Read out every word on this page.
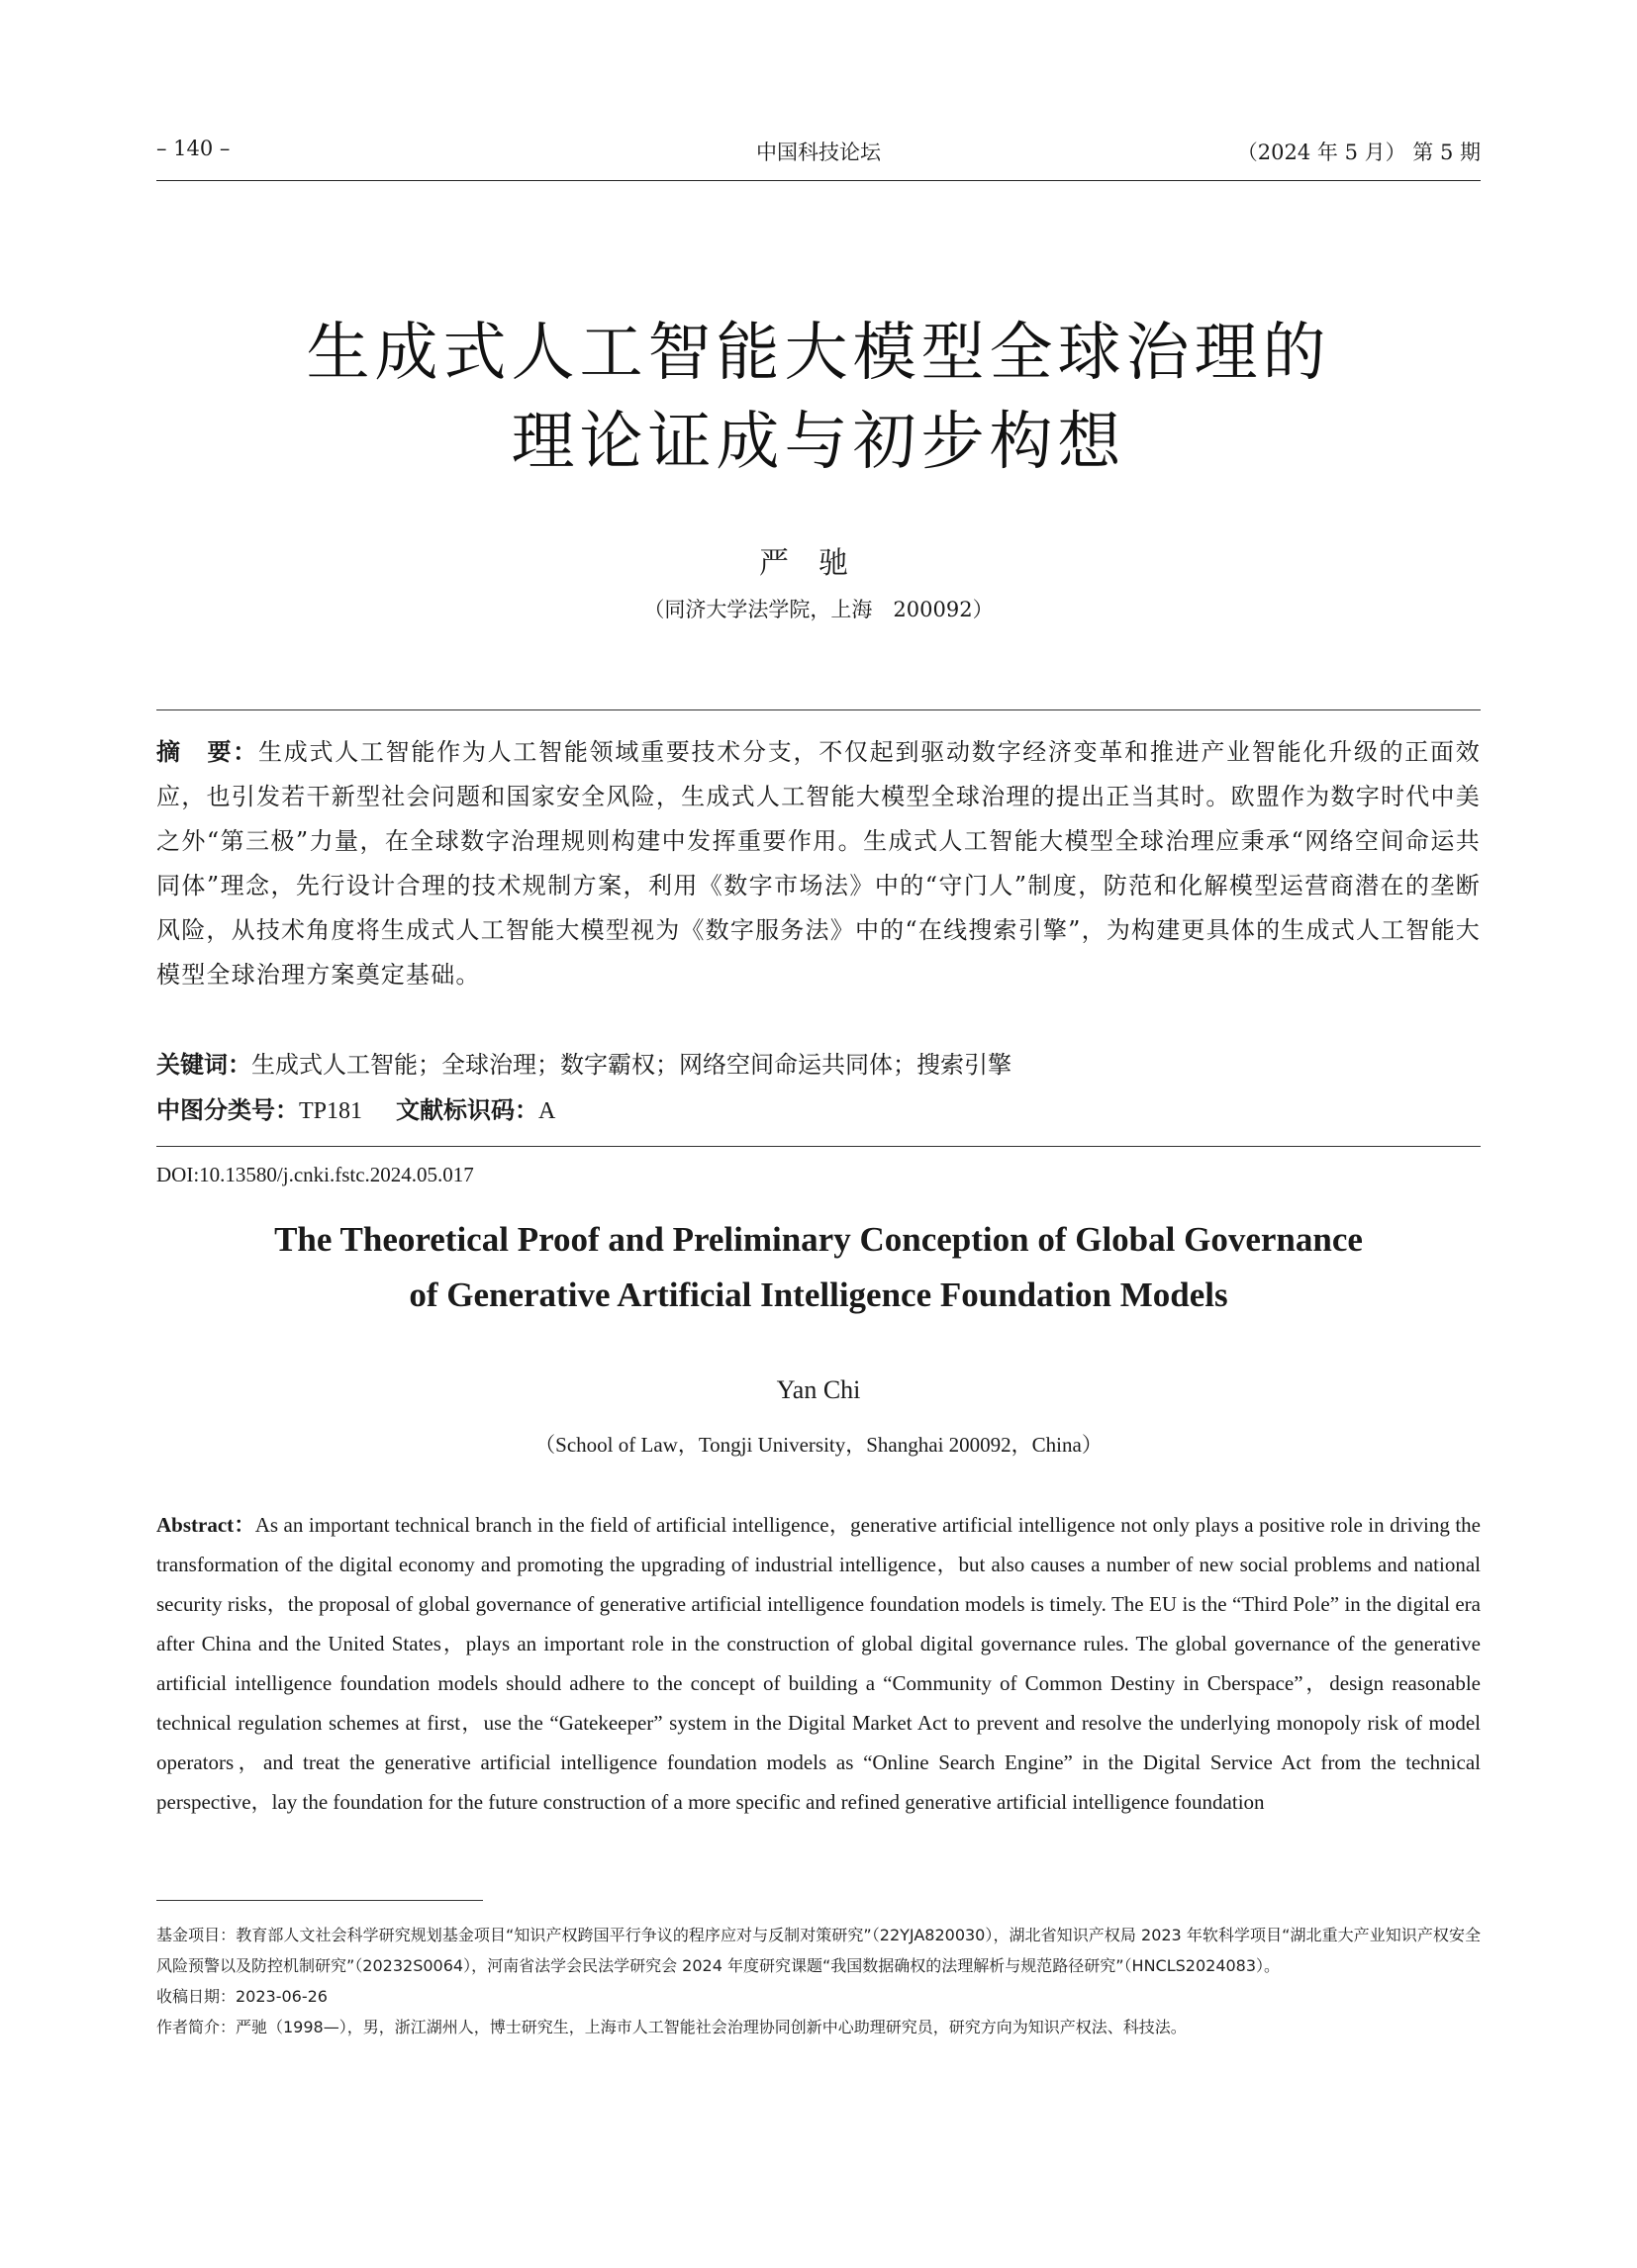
– 140 –	中国科技论坛	（2024 年 5 月） 第 5 期
生成式人工智能大模型全球治理的
理论证成与初步构想
严驰
（同济大学法学院，上海　200092）
摘　要：生成式人工智能作为人工智能领域重要技术分支，不仅起到驱动数字经济变革和推进产业智能化升级的正面效应，也引发若干新型社会问题和国家安全风险，生成式人工智能大模型全球治理的提出正当其时。欧盟作为数字时代中美之外“第三极”力量，在全球数字治理规则构建中发挥重要作用。生成式人工智能大模型全球治理应秉承“网络空间命运共同体”理念，先行设计合理的技术规制方案，利用《数字市场法》中的“守门人”制度，防范和化解模型运营商潜在的垄断风险，从技术角度将生成式人工智能大模型视为《数字服务法》中的“在线搜索引擎”，为构建更具体的生成式人工智能大模型全球治理方案奠定基础。
关键词：生成式人工智能；全球治理；数字霸权；网络空间命运共同体；搜索引擎
中图分类号：TP181 文献标识码：A
DOI:10.13580/j.cnki.fstc.2024.05.017
The Theoretical Proof and Preliminary Conception of Global Governance
of Generative Artificial Intelligence Foundation Models
Yan Chi
（School of Law，Tongji University，Shanghai 200092，China）
Abstract：As an important technical branch in the field of artificial intelligence，generative artificial intelligence not only plays a positive role in driving the transformation of the digital economy and promoting the upgrading of industrial intelligence，but also causes a number of new social problems and national security risks，the proposal of global governance of generative artificial intelligence foundation models is timely. The EU is the “Third Pole” in the digital era after China and the United States，plays an important role in the construction of global digital governance rules. The global governance of the generative artificial intelligence foundation models should adhere to the concept of building a “Community of Common Destiny in Cberspace”，design reasonable technical regulation schemes at first，use the “Gatekeeper” system in the Digital Market Act to prevent and resolve the underlying monopoly risk of model operators，and treat the generative artificial intelligence foundation models as “Online Search Engine” in the Digital Service Act from the technical perspective，lay the foundation for the future construction of a more specific and refined generative artificial intelligence foundation

基金项目：教育部人文社会科学研究规划基金项目“知识产权跨国平行争议的程序应对与反制对策研究”（22YJA820030），湖北省知识产权局 2023 年软科学项目“湖北重大产业知识产权安全风险预警以及防控机制研究”（20232S0064），河南省法学会民法学研究会 2024 年度研究课题“我国数据确权的法理解析与规范路径研究”（HNCLS2024083）。

收稿日期：2023-06-26

作者简介：严驰（1998—），男，浙江湖州人，博士研究生，上海市人工智能社会治理协同创新中心助理研究员，研究方向为知识产权法、科技法。
